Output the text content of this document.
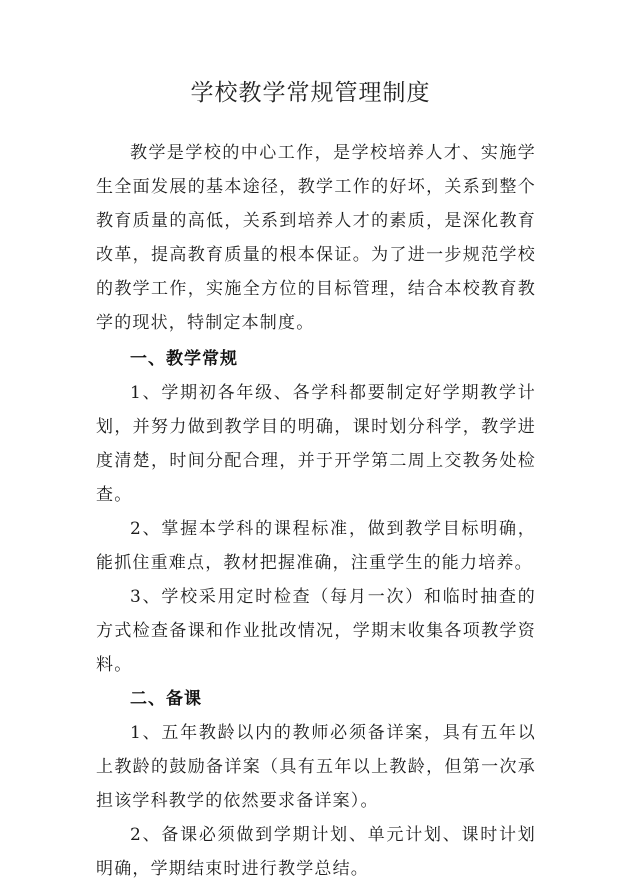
学校教学常规管理制度

教学是学校的中心工作，是学校培养人才、实施学生全面发展的基本途径，教学工作的好坏，关系到整个教育质量的高低，关系到培养人才的素质，是深化教育改革，提高教育质量的根本保证。为了进一步规范学校的教学工作，实施全方位的目标管理，结合本校教育教学的现状，特制定本制度。

一、教学常规

1、学期初各年级、各学科都要制定好学期教学计划，并努力做到教学目的明确，课时划分科学，教学进度清楚，时间分配合理，并于开学第二周上交教务处检查。

2、掌握本学科的课程标准，做到教学目标明确，能抓住重难点，教材把握准确，注重学生的能力培养。

3、学校采用定时检查（每月一次）和临时抽查的方式检查备课和作业批改情况，学期末收集各项教学资料。

二、备课

1、五年教龄以内的教师必须备详案，具有五年以上教龄的鼓励备详案（具有五年以上教龄，但第一次承担该学科教学的依然要求备详案）。

2、备课必须做到学期计划、单元计划、课时计划明确，学期结束时进行教学总结。
